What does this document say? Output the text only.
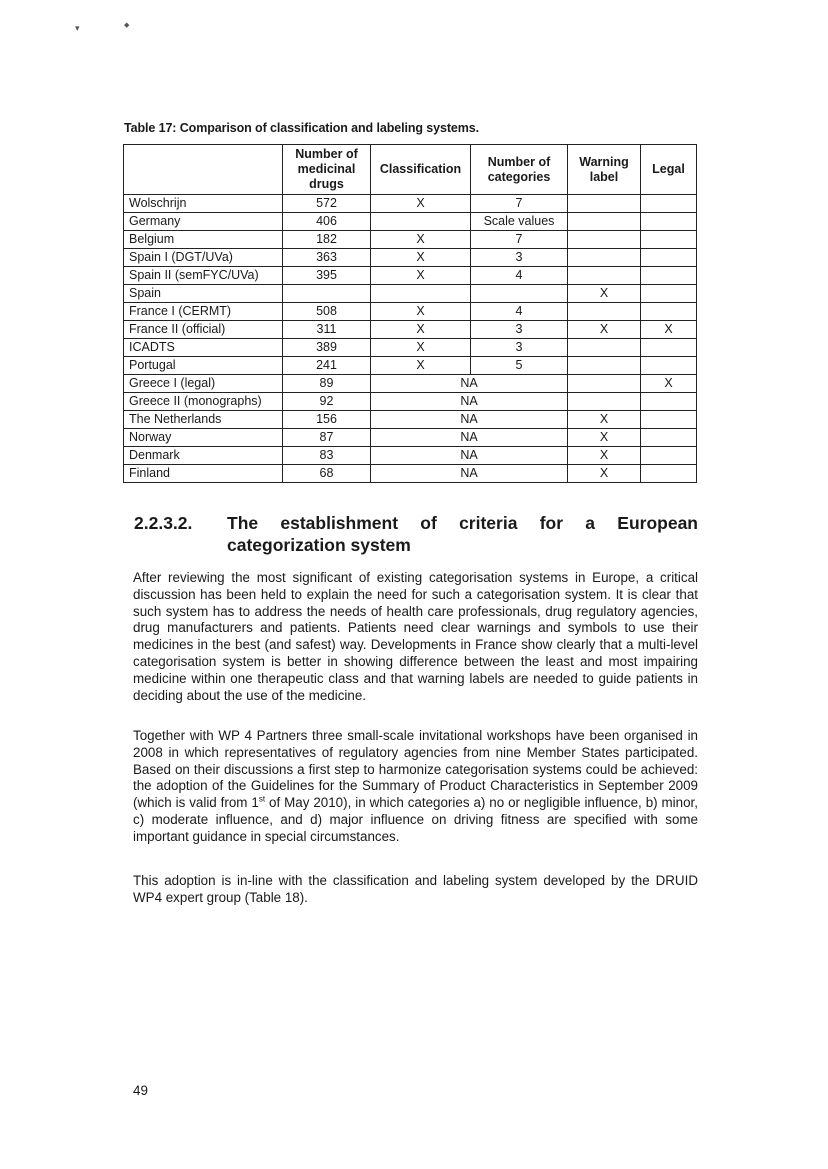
▾	◆
Table 17: Comparison of classification and labeling systems.
	Number of medicinal drugs	Classification	Number of categories	Warning label	Legal
Wolschrijn	572	X	7		
Germany	406		Scale values		
Belgium	182	X	7		
Spain I (DGT/UVa)	363	X	3		
Spain II (semFYC/UVa)	395	X	4		
Spain				X	
France I (CERMT)	508	X	4		
France II (official)	311	X	3	X	X
ICADTS	389	X	3		
Portugal	241	X	5		
Greece I (legal)	89	NA			X
Greece II (monographs)	92	NA			
The Netherlands	156	NA		X	
Norway	87	NA		X	
Denmark	83	NA		X	
Finland	68	NA		X	
2.2.3.2. The establishment of criteria for a European
categorization system

After reviewing the most significant of existing categorisation systems in Europe, a critical discussion has been held to explain the need for such a categorisation system. It is clear that such system has to address the needs of health care professionals, drug regulatory agencies, drug manufacturers and patients. Patients need clear warnings and symbols to use their medicines in the best (and safest) way. Developments in France show clearly that a multi-level categorisation system is better in showing difference between the least and most impairing medicine within one therapeutic class and that warning labels are needed to guide patients in deciding about the use of the medicine.

Together with WP 4 Partners three small-scale invitational workshops have been organised in 2008 in which representatives of regulatory agencies from nine Member States participated. Based on their discussions a first step to harmonize categorisation systems could be achieved: the adoption of the Guidelines for the Summary of Product Characteristics in September 2009 (which is valid from 1st of May 2010), in which categories a) no or negligible influence, b) minor, c) moderate influence, and d) major influence on driving fitness are specified with some important guidance in special circumstances.

This adoption is in-line with the classification and labeling system developed by the DRUID WP4 expert group (Table 18).

49
